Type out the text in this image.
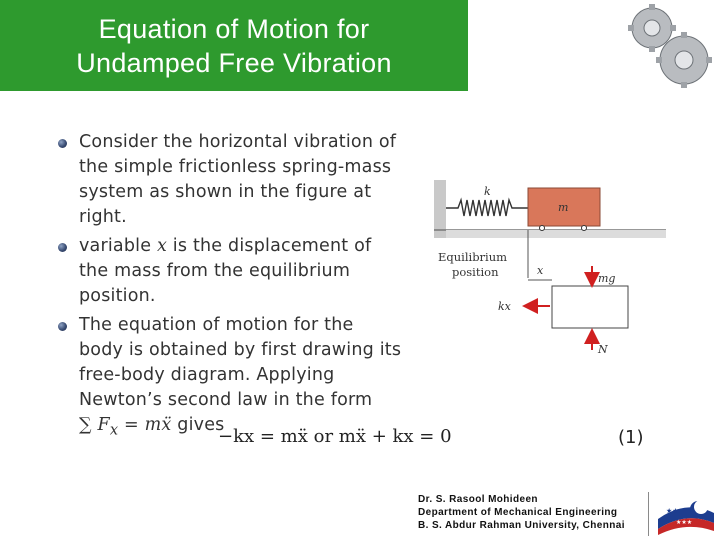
Equation of Motion for
Undamped Free Vibration
Consider the horizontal vibration of the simple frictionless spring-mass system as shown in the figure at right.
variable x is the displacement of the mass from the equilibrium position.
The equation of motion for the body is obtained by first drawing its free-body diagram. Applying Newton’s second law in the form
∑ $F_x$ = mẍ gives
−kx = mẍ or mẍ + kx = 0	(1)
k
m
Equilibrium
position	x
mg
kx
N
Dr. S. Rasool Mohideen
Department of Mechanical Engineering
B. S. Abdur Rahman University, Chennai
★★
★★★
